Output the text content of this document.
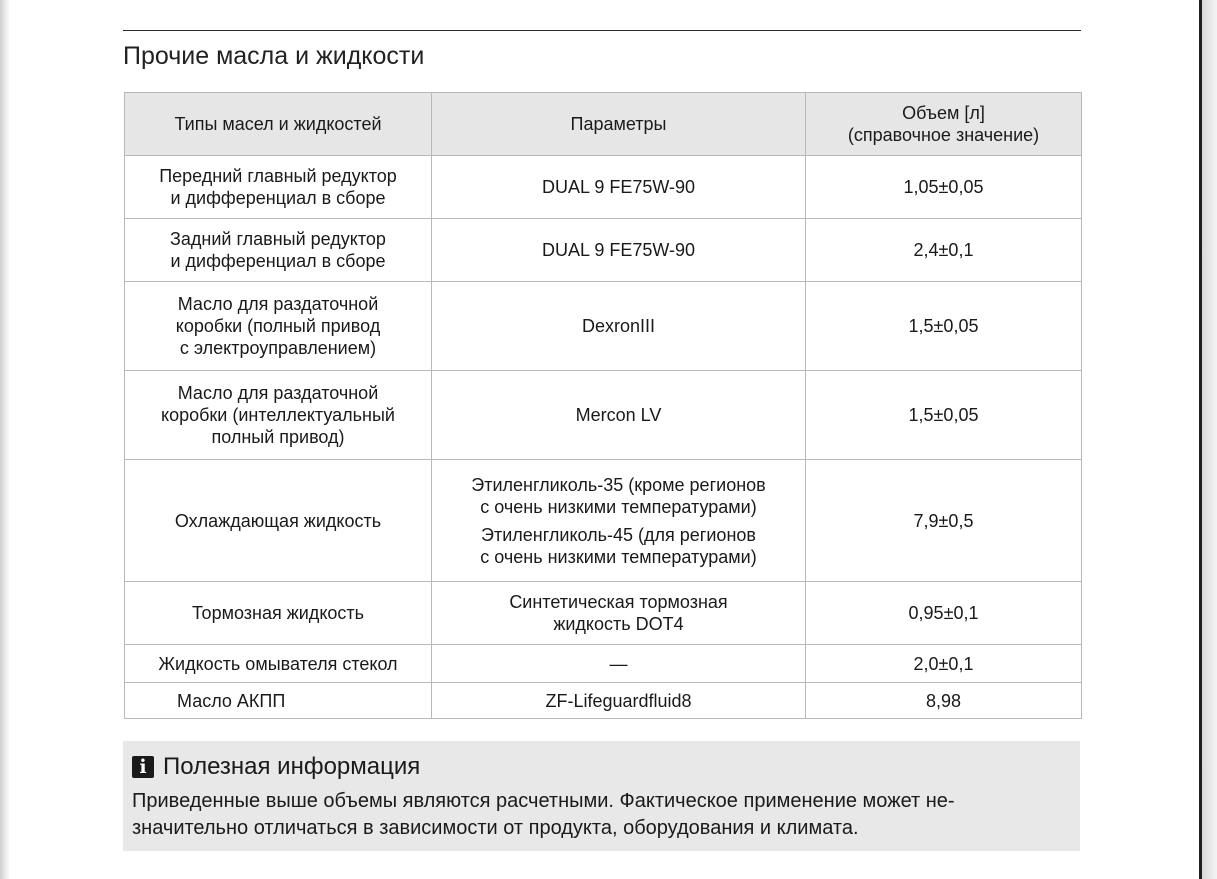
Прочие масла и жидкости
Типы масел и жидкостей	Параметры	Объем [л]
(справочное значение)

Передний главный редуктор
и дифференциал в сборе	DUAL 9 FE75W-90	1,05±0,05

Задний главный редуктор
и дифференциал в сборе	DUAL 9 FE75W-90	2,4±0,1

Масло для раздаточной
коробки (полный привод
с электроуправлением)	DexronIII	1,5±0,05

Масло для раздаточной
коробки (интеллектуальный
полный привод)	Mercon LV	1,5±0,05
Охлаждающая жидкость	Этиленгликоль-35 (кроме регионов
с очень низкими температурами)
Этиленгликоль-45 (для регионов
с очень низкими температурами)	7,9±0,5
Тормозная жидкость	Синтетическая тормозная
жидкость DOT4	0,95±0,1
Жидкость омывателя стекол	—	2,0±0,1
Масло АКПП	ZF-Lifeguardfluid8	8,98
i Полезная информация
Приведенные выше объемы являются расчетными. Фактическое применение может не-
значительно отличаться в зависимости от продукта, оборудования и климата.
